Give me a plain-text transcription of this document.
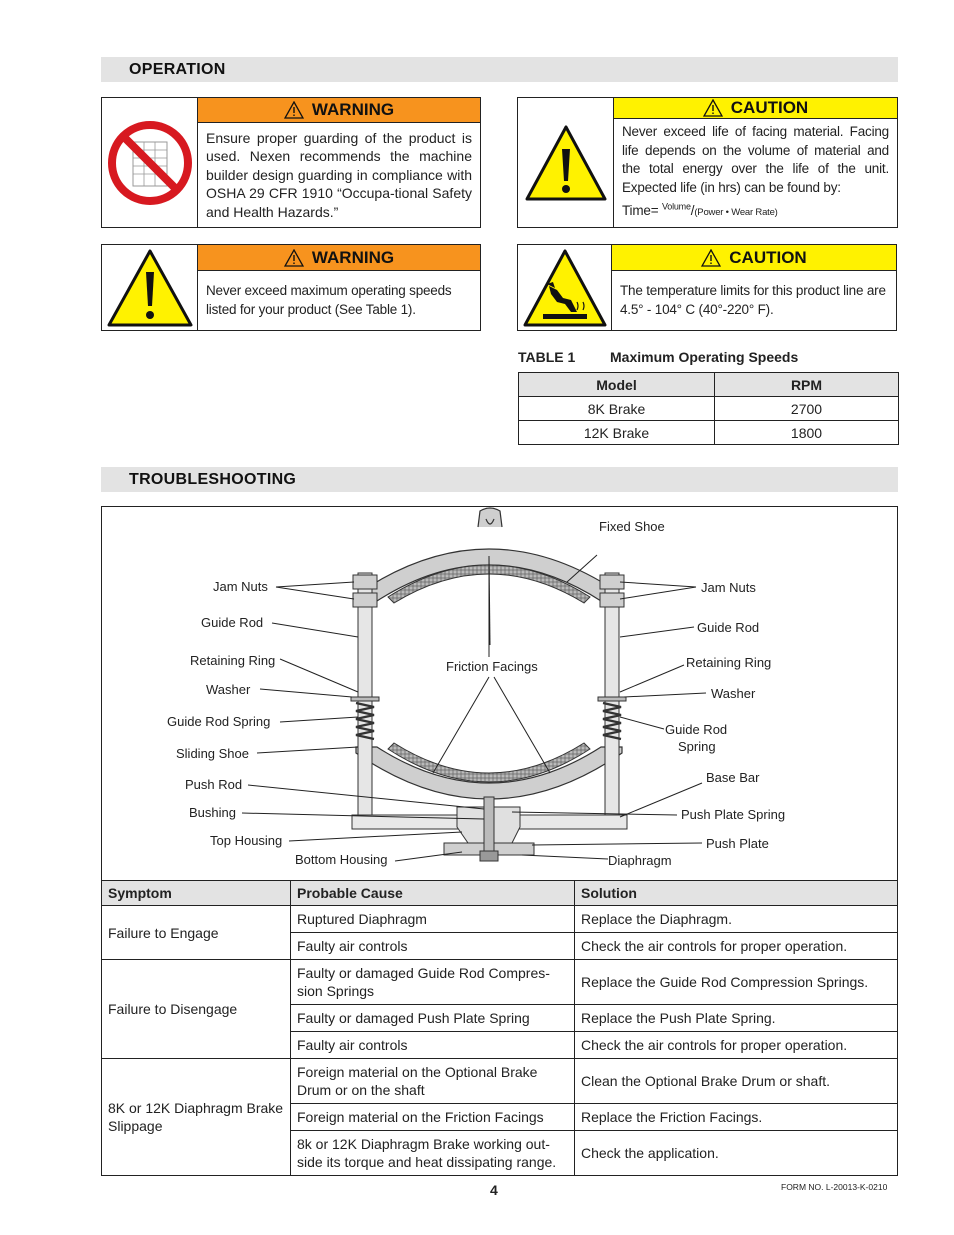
OPERATION
WARNING
Ensure proper guarding of the product is used. Nexen recommends the machine builder design guarding in compliance with OSHA 29 CFR 1910 “Occupa-tional Safety and Health Hazards.”
CAUTION
Never exceed life of facing material. Facing life depends on the volume of material and the total energy over the life of the unit. Expected life (in hrs) can be found by:
Time= $^{Volume}$/(Power • Wear Rate)
WARNING
Never exceed maximum operating speeds listed for your product (See Table 1).
CAUTION
The temperature limits for this product line are 4.5° - 104° C (40°-220° F).
TABLE 1 Maximum Operating Speeds
Model	RPM
8K Brake	2700
12K Brake	1800
TROUBLESHOOTING
Fixed Shoe
Jam Nuts	Jam Nuts
Guide Rod	Guide Rod
Retaining Ring	Retaining Ring
Friction Facings
Washer	Washer
Guide Rod Spring
Guide Rod
Spring
Sliding Shoe
Base Bar
Push Rod
Bushing	Push Plate Spring
Top Housing	Push Plate
Bottom Housing	Diaphragm
Symptom	Probable Cause	Solution
Failure to Engage	Ruptured Diaphragm	Replace the Diaphragm.
	Faulty air controls	Check the air controls for proper operation.
Failure to Disengage	Faulty or damaged Guide Rod Compres-sion Springs	Replace the Guide Rod Compression Springs.
	Faulty or damaged Push Plate Spring	Replace the Push Plate Spring.
	Faulty air controls	Check the air controls for proper operation.
8K or 12K Diaphragm Brake Slippage	Foreign material on the Optional Brake Drum or on the shaft	Clean the Optional Brake Drum or shaft.
	Foreign material on the Friction Facings	Replace the Friction Facings.
	8k or 12K Diaphragm Brake working out-side its torque and heat dissipating range.	Check the application.
4	FORM NO. L-20013-K-0210
